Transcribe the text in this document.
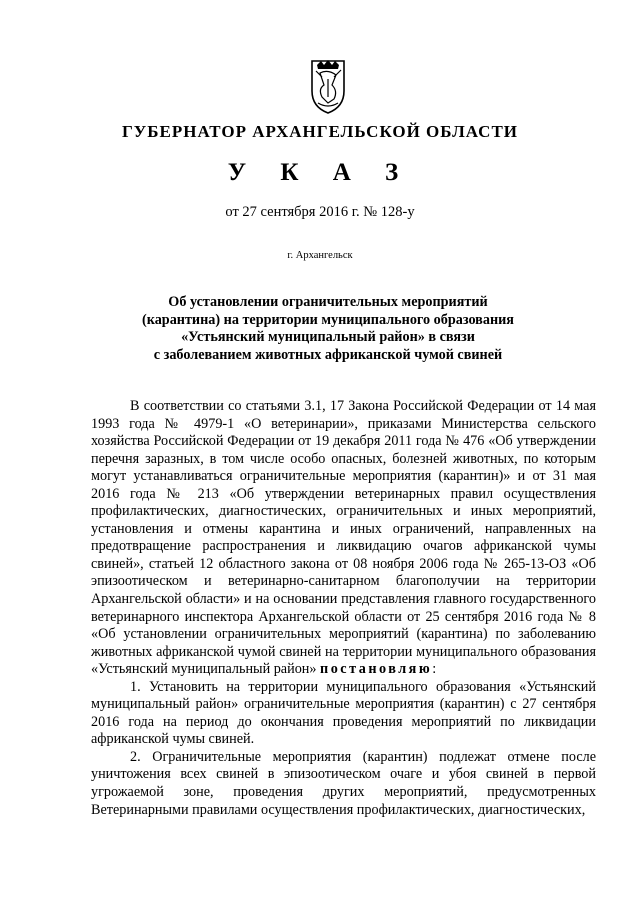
ГУБЕРНАТОР АРХАНГЕЛЬСКОЙ ОБЛАСТИ
У К А З
от 27 сентября 2016 г. № 128-у
г. Архангельск
Об установлении ограничительных мероприятий
(карантина) на территории муниципального образования
«Устьянский муниципальный район» в связи
с заболеванием животных африканской чумой свиней

В соответствии со статьями 3.1, 17 Закона Российской Федерации от 14 мая 1993 года № 4979-1 «О ветеринарии», приказами Министерства сельского хозяйства Российской Федерации от 19 декабря 2011 года № 476 «Об утверждении перечня заразных, в том числе особо опасных, болезней животных, по которым могут устанавливаться ограничительные мероприятия (карантин)» и от 31 мая 2016 года № 213 «Об утверждении ветеринарных правил осуществления профилактических, диагностических, ограничительных и иных мероприятий, установления и отмены карантина и иных ограничений, направленных на предотвращение распространения и ликвидацию очагов африканской чумы свиней», статьей 12 областного закона от 08 ноября 2006 года № 265-13-ОЗ «Об эпизоотическом и ветеринарно-санитарном благополучии на территории Архангельской области» и на основании представления главного государственного ветеринарного инспектора Архангельской области от 25 сентября 2016 года № 8 «Об установлении ограничительных мероприятий (карантина) по заболеванию животных африканской чумой свиней на территории муниципального образования «Устьянский муниципальный район» постановляю:

1. Установить на территории муниципального образования «Устьянский муниципальный район» ограничительные мероприятия (карантин) с 27 сентября 2016 года на период до окончания проведения мероприятий по ликвидации африканской чумы свиней.

2. Ограничительные мероприятия (карантин) подлежат отмене после уничтожения всех свиней в эпизоотическом очаге и убоя свиней в первой угрожаемой зоне, проведения других мероприятий, предусмотренных Ветеринарными правилами осуществления профилактических, диагностических,
